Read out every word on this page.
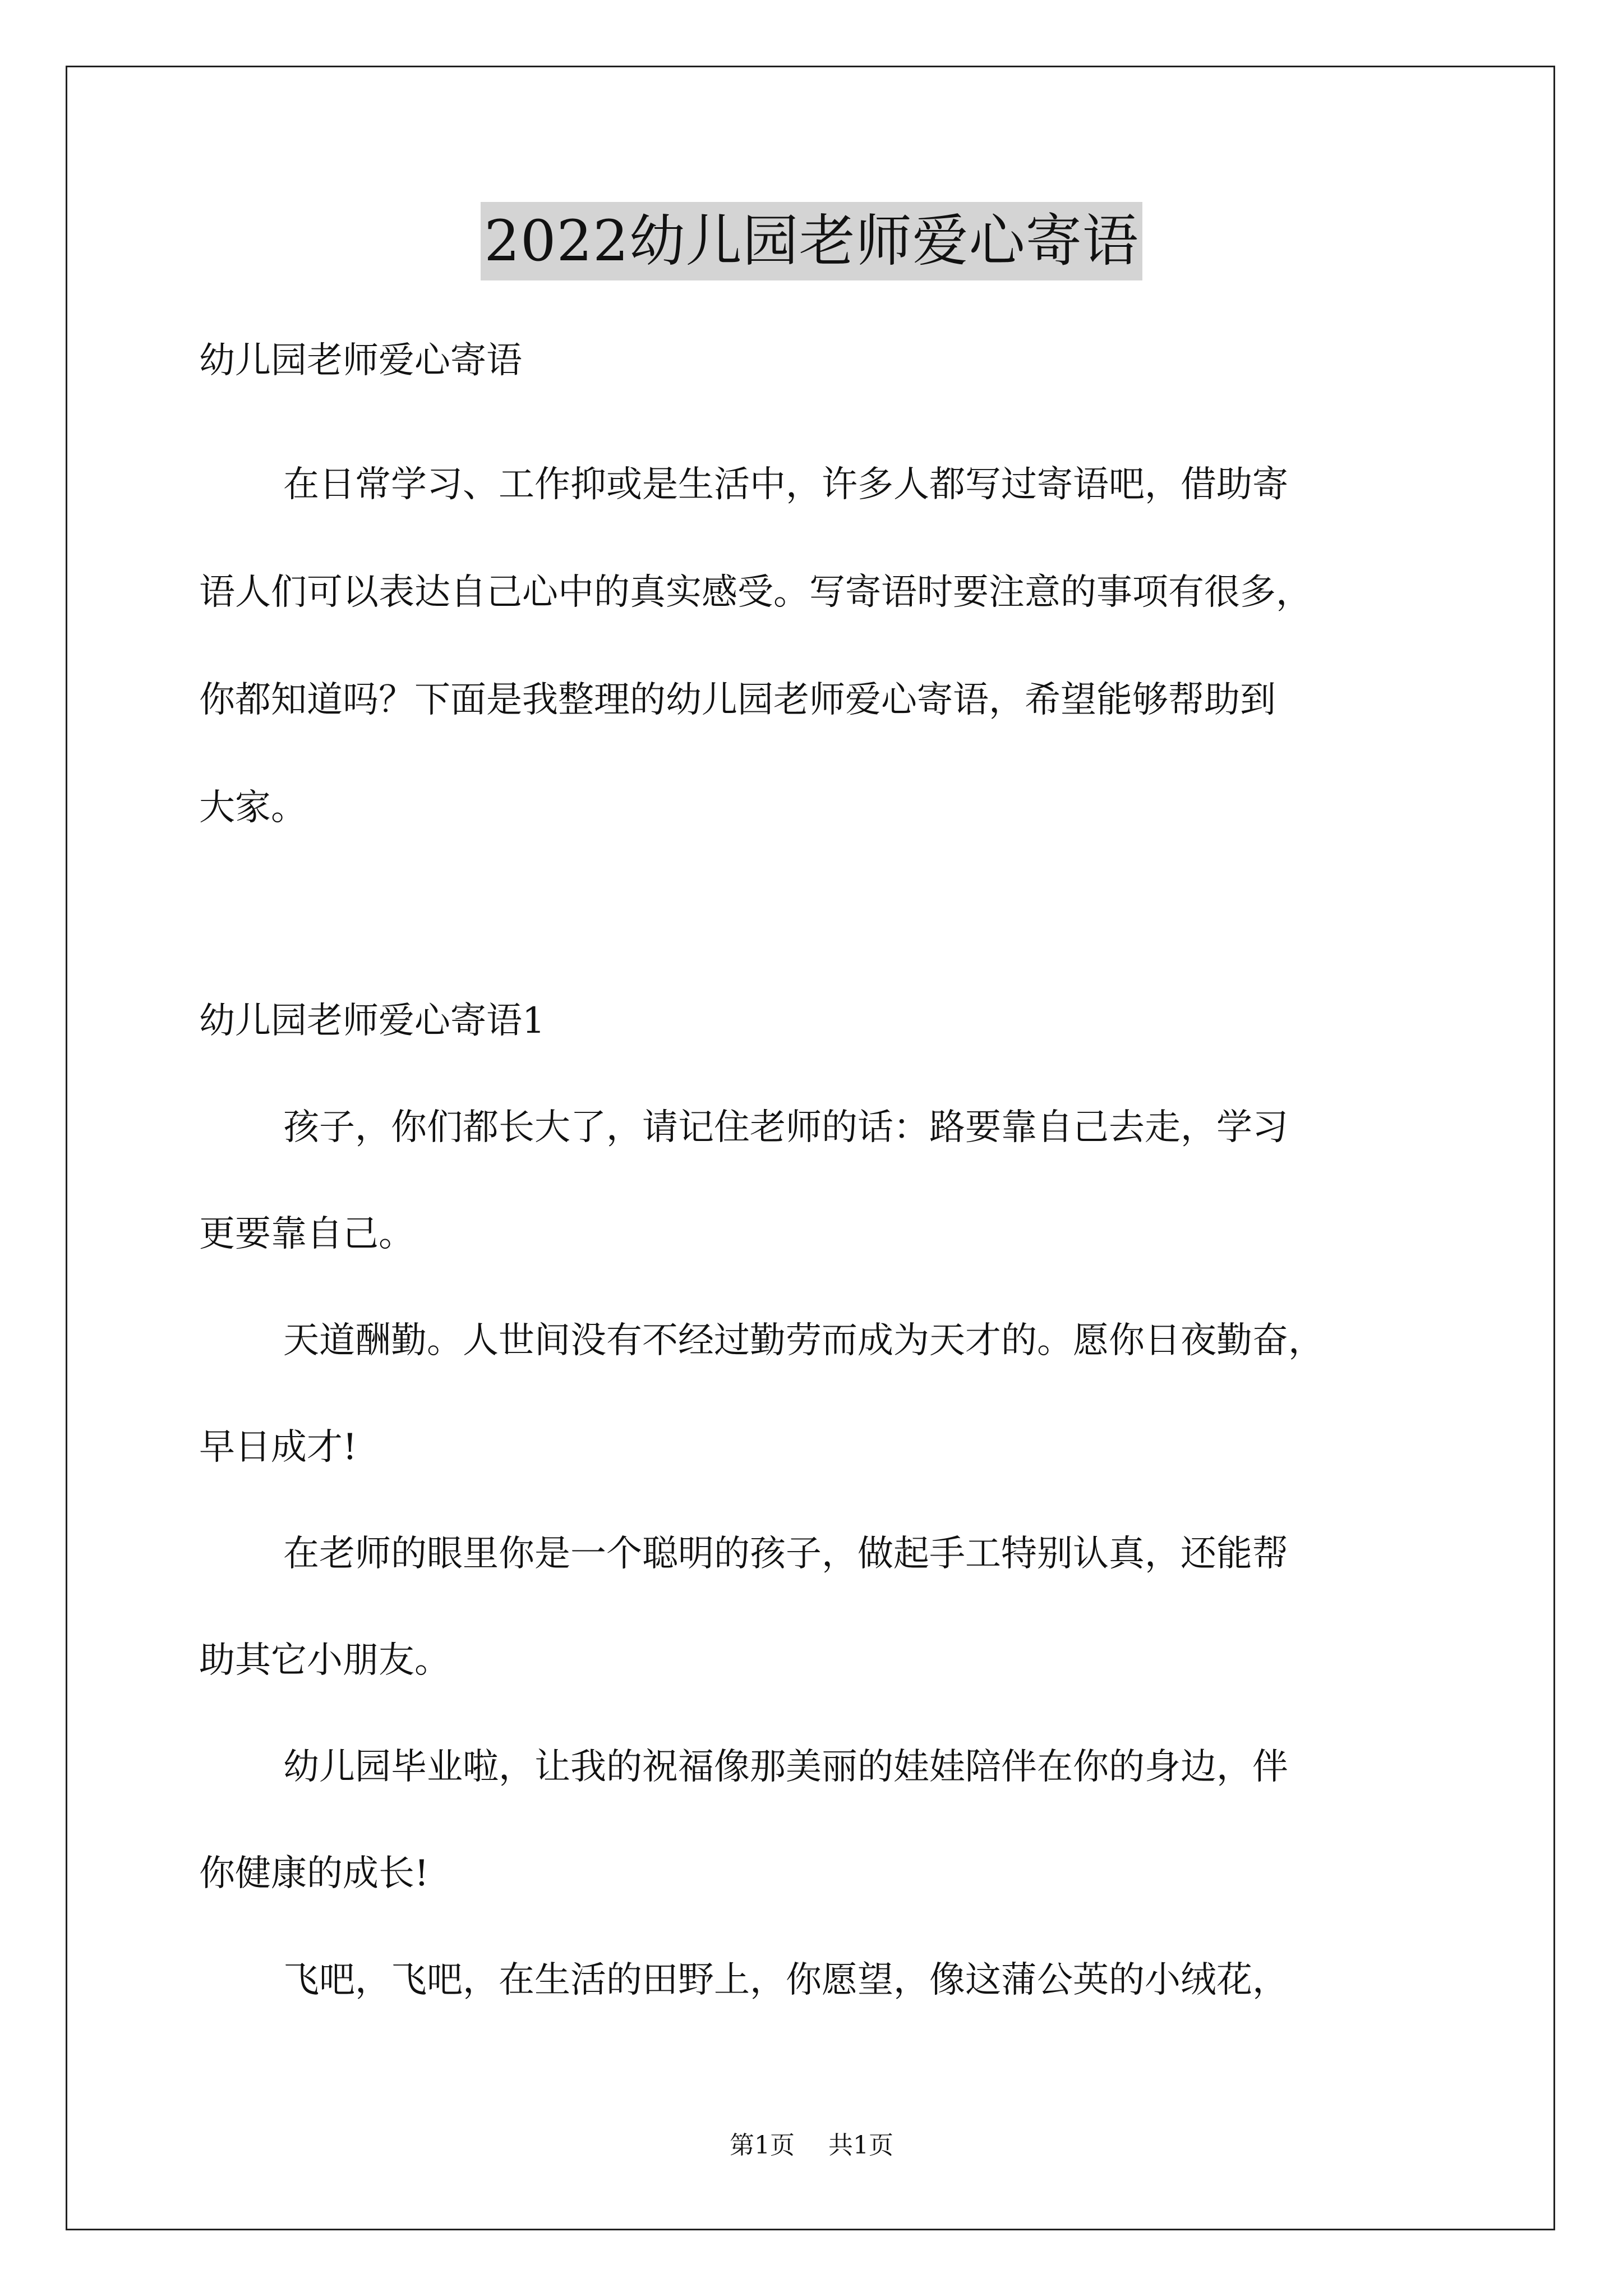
2022幼儿园老师爱心寄语
幼儿园老师爱心寄语
在日常学习、工作抑或是生活中，许多人都写过寄语吧，借助寄
语人们可以表达自己心中的真实感受。写寄语时要注意的事项有很多，
你都知道吗？下面是我整理的幼儿园老师爱心寄语，希望能够帮助到
大家。
幼儿园老师爱心寄语1
孩子，你们都长大了，请记住老师的话：路要靠自己去走，学习
更要靠自己。
天道酬勤。人世间没有不经过勤劳而成为天才的。愿你日夜勤奋，
早日成才!
在老师的眼里你是一个聪明的孩子，做起手工特别认真，还能帮
助其它小朋友。
幼儿园毕业啦，让我的祝福像那美丽的娃娃陪伴在你的身边，伴
你健康的成长!
飞吧，飞吧，在生活的田野上，你愿望，像这蒲公英的小绒花，
第1页 共1页
